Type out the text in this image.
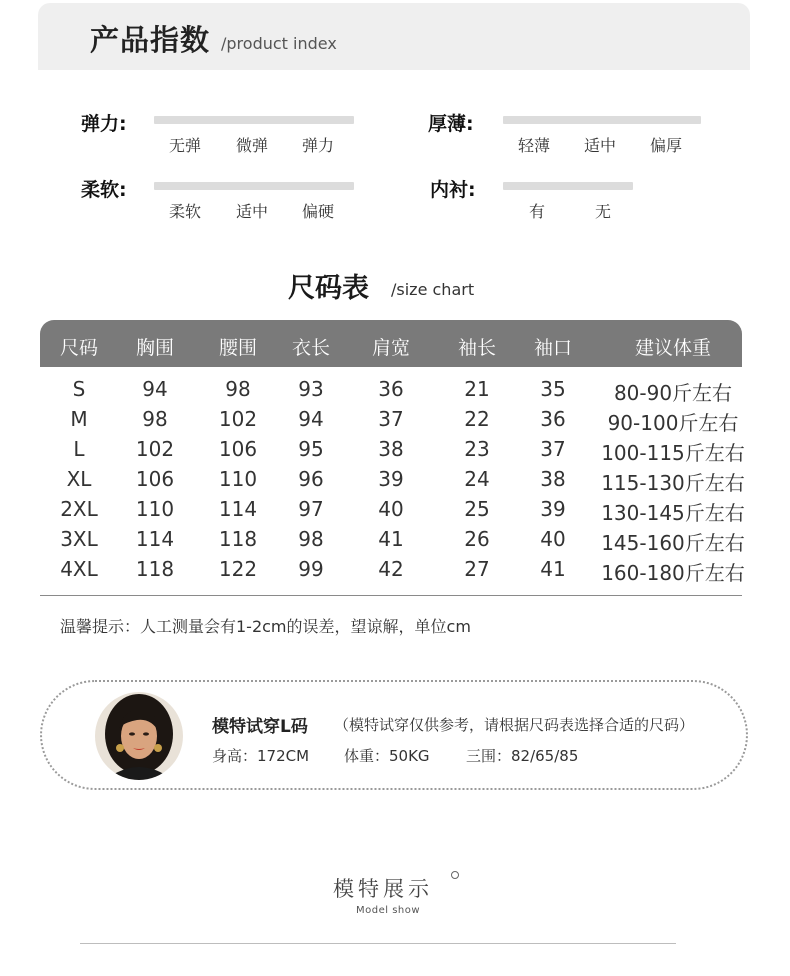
产品指数 /product index
弹力:
无弹 微弹 弹力
厚薄:
轻薄 适中 偏厚
柔软:
柔软 适中 偏硬
内衬:
有	无
尺码表 /size chart
尺码 胸围 腰围 衣长 肩宽	袖长 袖口	建议体重
S	94	98 93	36	21	35 80-90斤左右
M	98	102 94	37	22	36 90-100斤左右
L	102 106 95	38	23	37 100-115斤左右
XL 106 110 96	39	24	38 115-130斤左右
2XL 110 114 97	40	25	39 130-145斤左右
3XL 114 118 98	41	26	40 145-160斤左右
4XL 118 122 99	42	27	41 160-180斤左右
温馨提示：人工测量会有1-2cm的误差，望谅解，单位cm
模特试穿L码 （模特试穿仅供参考，请根据尺码表选择合适的尺码）
身高：172CM 体重：50KG 三围：82/65/85
模特展示
Model show
